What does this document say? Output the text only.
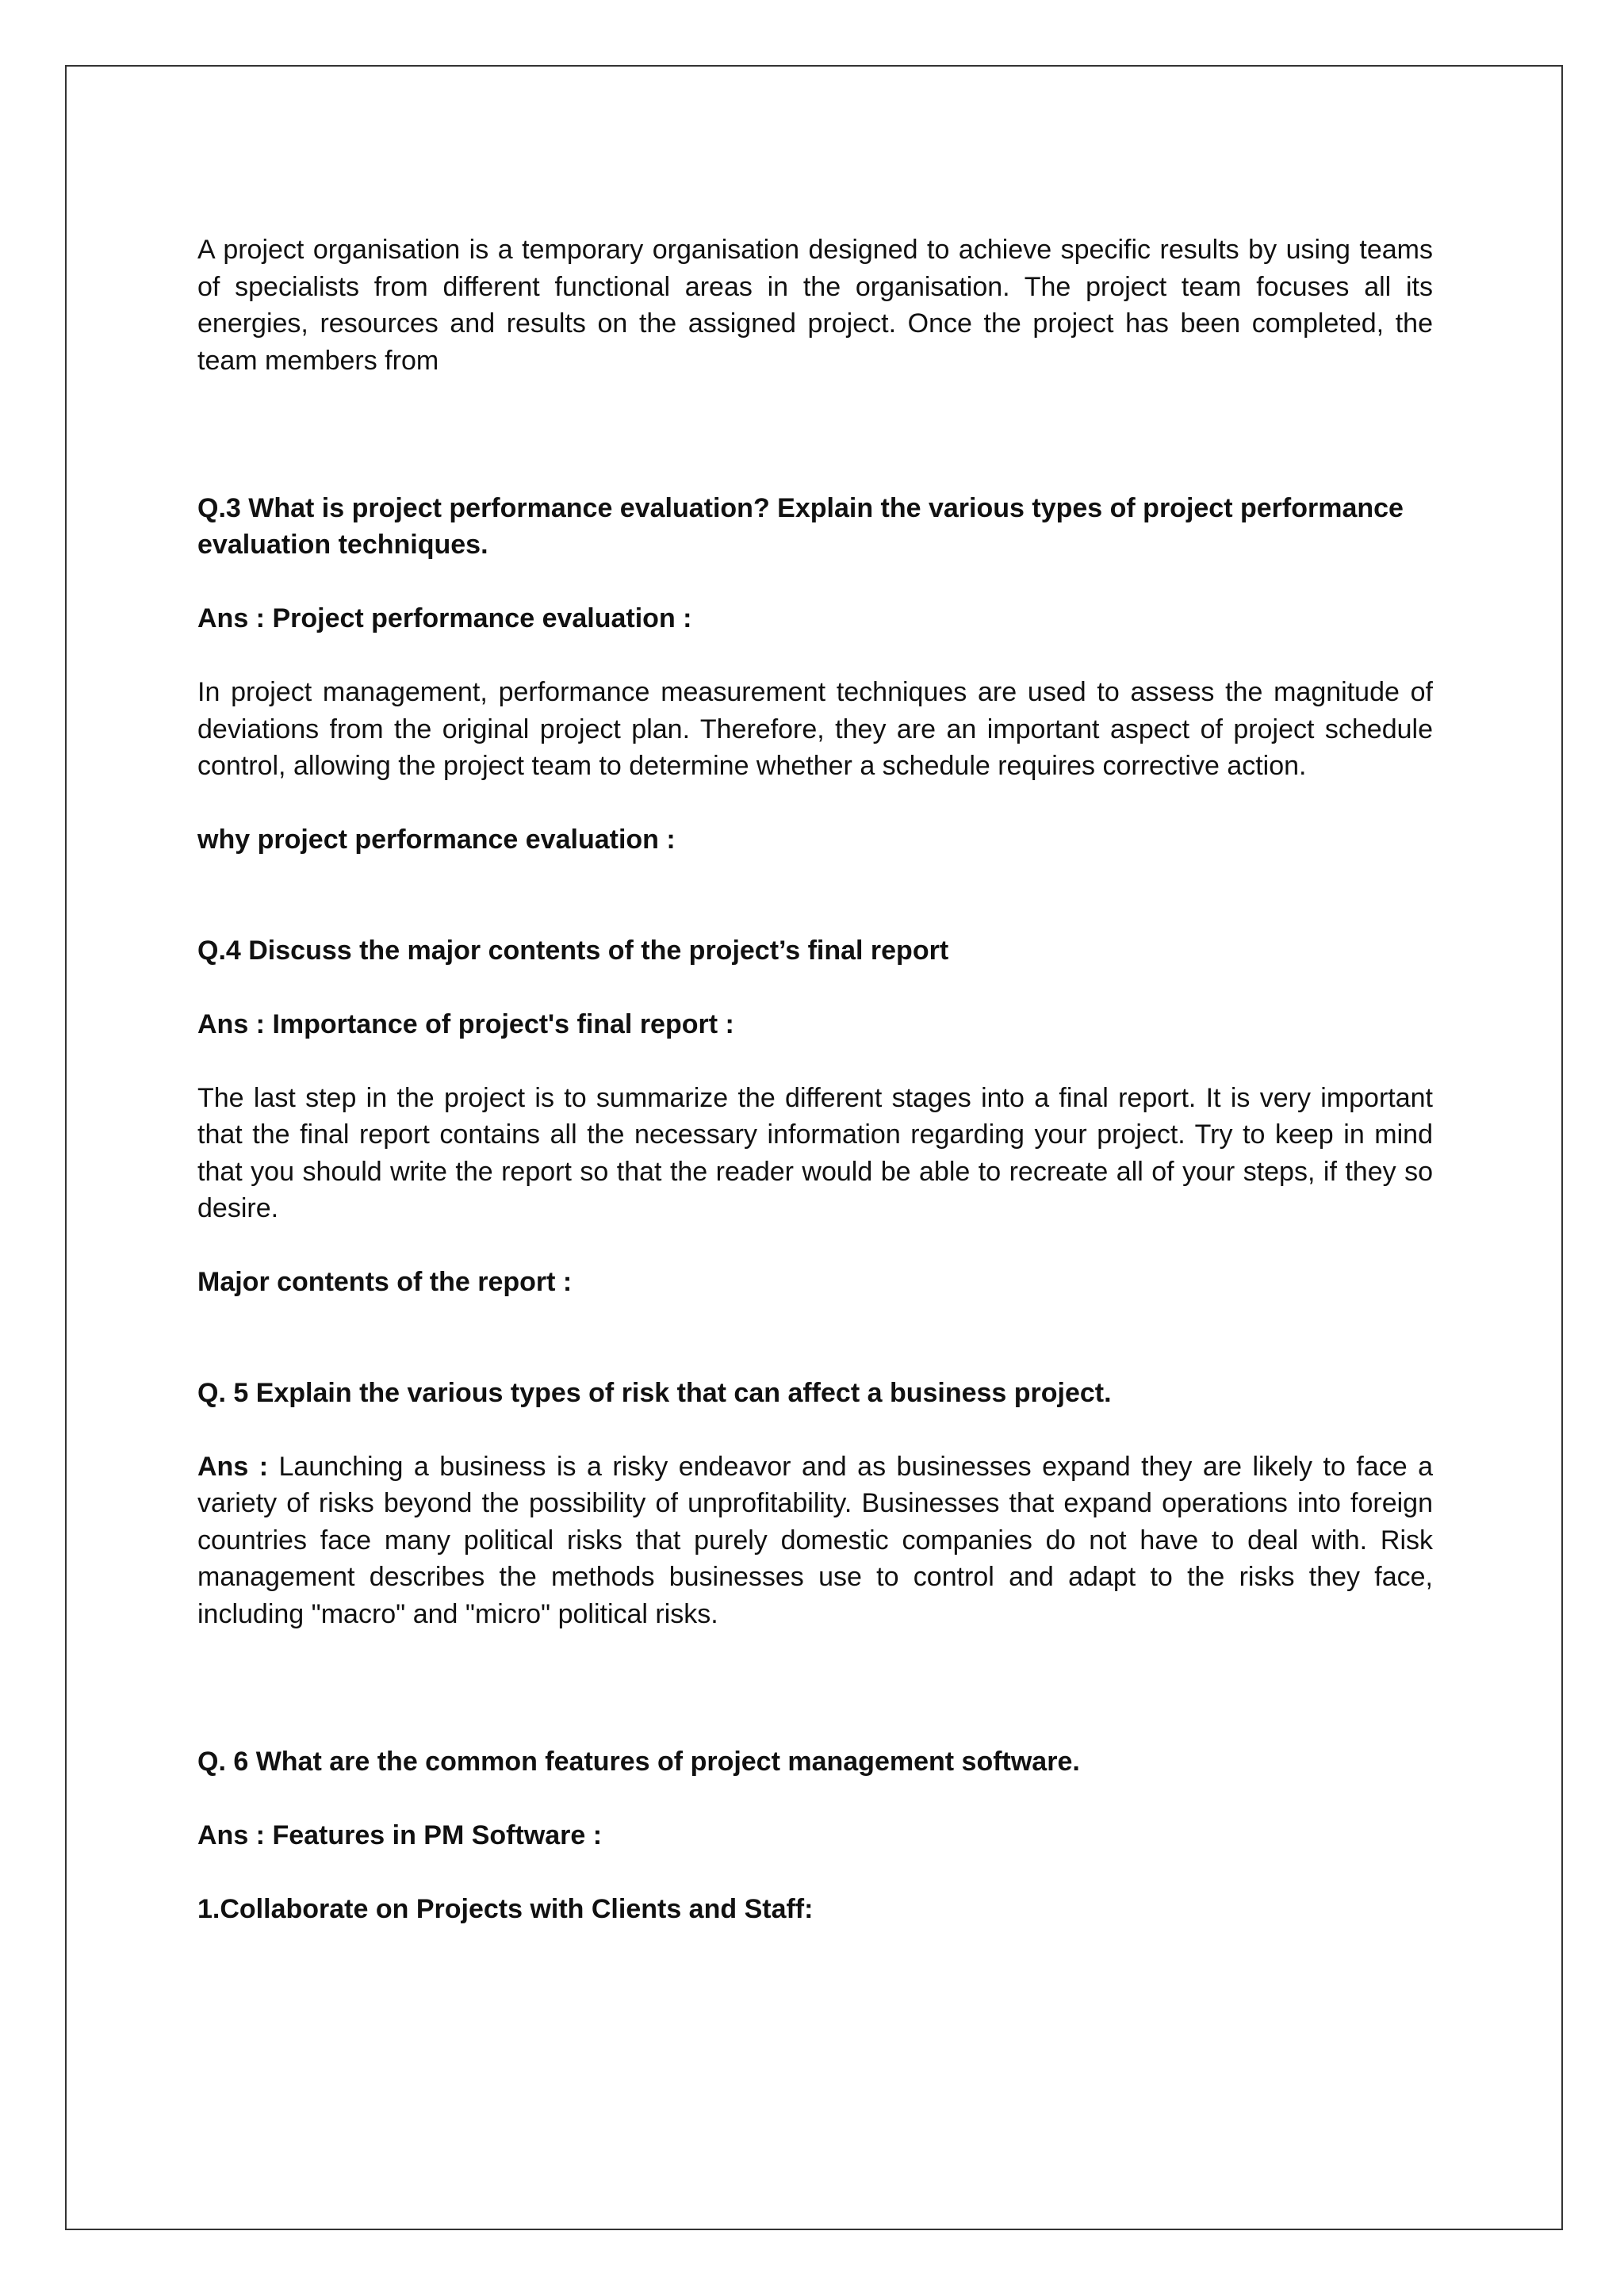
A project organisation is a temporary organisation designed to achieve specific results by using teams of specialists from different functional areas in the organisation. The project team focuses all its energies, resources and results on the assigned project. Once the project has been completed, the team members from

Q.3 What is project performance evaluation? Explain the various types of project performance evaluation techniques.

Ans : Project performance evaluation :

In project management, performance measurement techniques are used to assess the magnitude of deviations from the original project plan. Therefore, they are an important aspect of project schedule control, allowing the project team to determine whether a schedule requires corrective action.

why project performance evaluation :

Q.4 Discuss the major contents of the project’s final report

Ans : Importance of project's final report :

The last step in the project is to summarize the different stages into a final report. It is very important that the final report contains all the necessary information regarding your project. Try to keep in mind that you should write the report so that the reader would be able to recreate all of your steps, if they so desire.

Major contents of the report :

Q. 5 Explain the various types of risk that can affect a business project.

Ans : Launching a business is a risky endeavor and as businesses expand they are likely to face a variety of risks beyond the possibility of unprofitability. Businesses that expand operations into foreign countries face many political risks that purely domestic companies do not have to deal with. Risk management describes the methods businesses use to control and adapt to the risks they face, including "macro" and "micro" political risks.

Q. 6 What are the common features of project management software.

Ans : Features in PM Software :

1.Collaborate on Projects with Clients and Staff:
